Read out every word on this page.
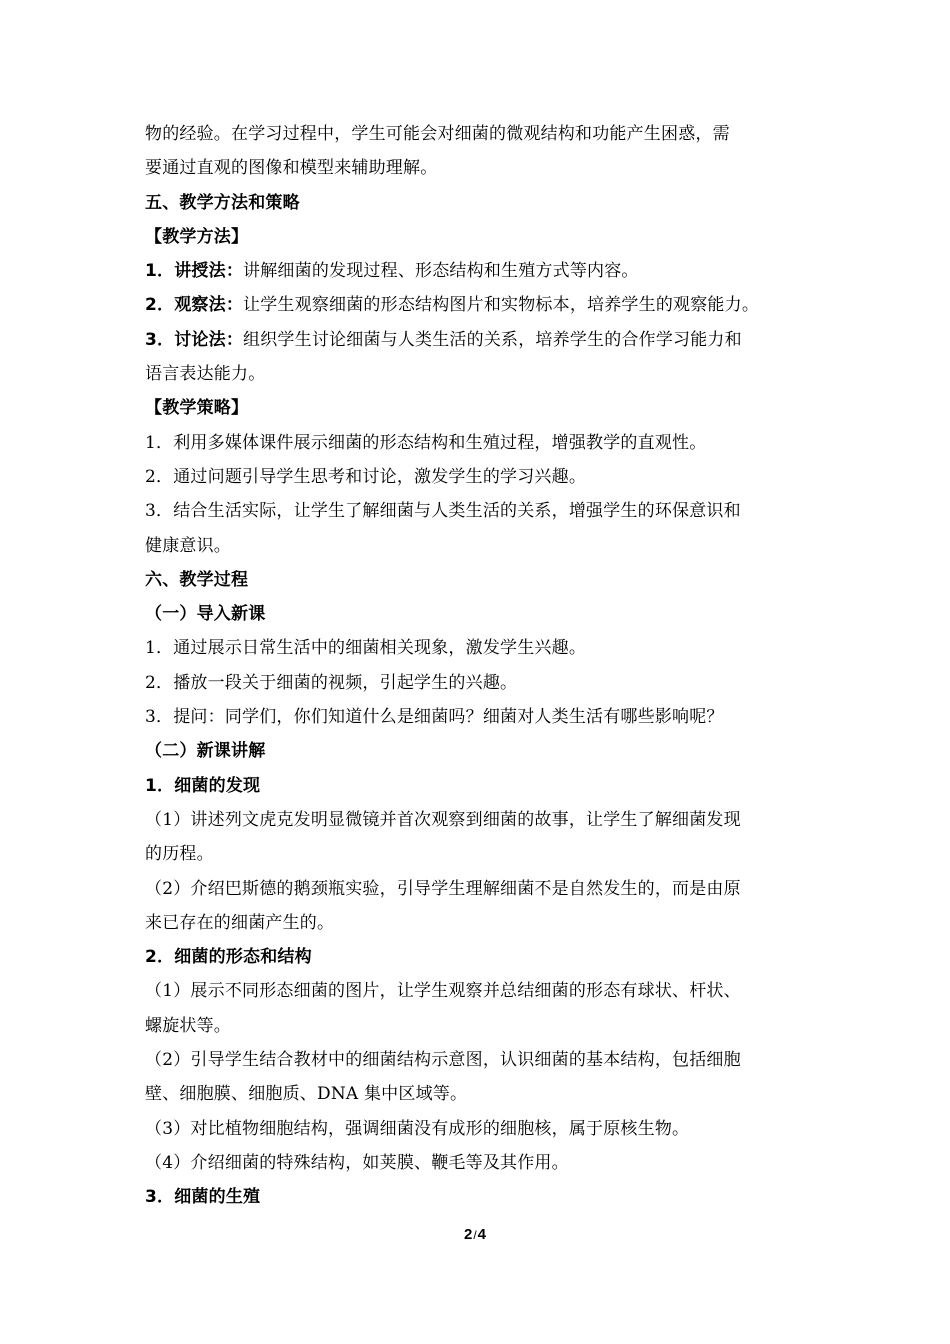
物的经验。在学习过程中，学生可能会对细菌的微观结构和功能产生困惑，需
要通过直观的图像和模型来辅助理解。
五、教学方法和策略
【教学方法】
1．讲授法：讲解细菌的发现过程、形态结构和生殖方式等内容。
2．观察法：让学生观察细菌的形态结构图片和实物标本，培养学生的观察能力。
3．讨论法：组织学生讨论细菌与人类生活的关系，培养学生的合作学习能力和
语言表达能力。
【教学策略】
1．利用多媒体课件展示细菌的形态结构和生殖过程，增强教学的直观性。
2．通过问题引导学生思考和讨论，激发学生的学习兴趣。
3．结合生活实际，让学生了解细菌与人类生活的关系，增强学生的环保意识和
健康意识。
六、教学过程
（一）导入新课
1．通过展示日常生活中的细菌相关现象，激发学生兴趣。
2．播放一段关于细菌的视频，引起学生的兴趣。
3．提问：同学们，你们知道什么是细菌吗？细菌对人类生活有哪些影响呢？
（二）新课讲解
1．细菌的发现
（1）讲述列文虎克发明显微镜并首次观察到细菌的故事，让学生了解细菌发现
的历程。
（2）介绍巴斯德的鹅颈瓶实验，引导学生理解细菌不是自然发生的，而是由原
来已存在的细菌产生的。
2．细菌的形态和结构
（1）展示不同形态细菌的图片，让学生观察并总结细菌的形态有球状、杆状、
螺旋状等。
（2）引导学生结合教材中的细菌结构示意图，认识细菌的基本结构，包括细胞
壁、细胞膜、细胞质、DNA 集中区域等。
（3）对比植物细胞结构，强调细菌没有成形的细胞核，属于原核生物。
（4）介绍细菌的特殊结构，如荚膜、鞭毛等及其作用。
3．细菌的生殖
2/4
